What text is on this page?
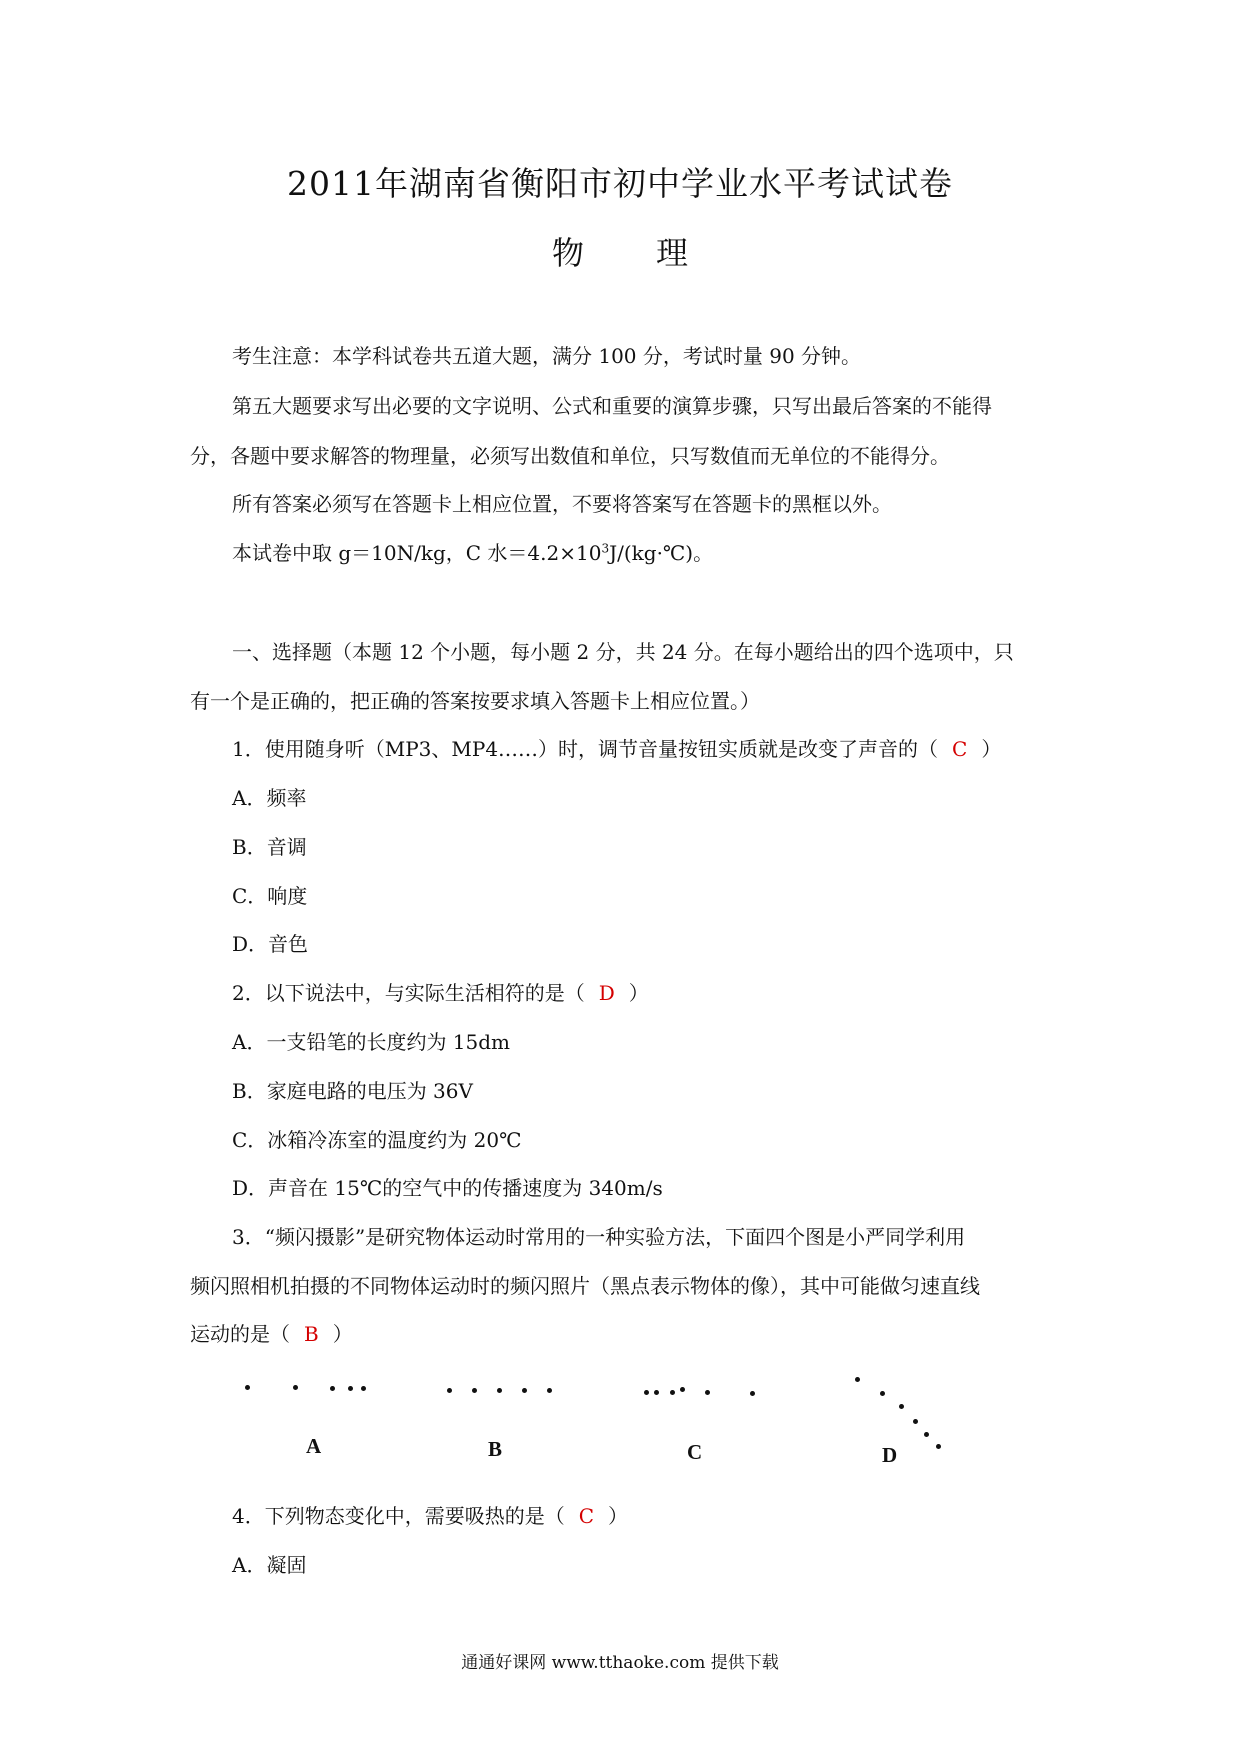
2011年湖南省衡阳市初中学业水平考试试卷
物 理
考生注意：本学科试卷共五道大题，满分 100 分，考试时量 90 分钟。
第五大题要求写出必要的文字说明、公式和重要的演算步骤，只写出最后答案的不能得
分，各题中要求解答的物理量，必须写出数值和单位，只写数值而无单位的不能得分。
所有答案必须写在答题卡上相应位置，不要将答案写在答题卡的黑框以外。
本试卷中取 g＝10N/kg，C 水$=4.2\times 10^3J/(kg\cdot℃)$。
一、选择题（本题 12 个小题，每小题 2 分，共 24 分。在每小题给出的四个选项中，只
有一个是正确的，把正确的答案按要求填入答题卡上相应位置。）
1．使用随身听（MP3、MP4……）时，调节音量按钮实质就是改变了声音的（ C ）
A．频率
B．音调
C．响度
D．音色
2．以下说法中，与实际生活相符的是（ D ）
A．一支铅笔的长度约为 15dm
B．家庭电路的电压为 36V
C．冰箱冷冻室的温度约为 20℃
D．声音在 15℃的空气中的传播速度为 340m/s
3．“频闪摄影”是研究物体运动时常用的一种实验方法，下面四个图是小严同学利用
频闪照相机拍摄的不同物体运动时的频闪照片（黑点表示物体的像），其中可能做匀速直线
运动的是（ B ）
A	B	C	D
4．下列物态变化中，需要吸热的是（ C ）
A．凝固
通通好课网 www.tthaoke.com 提供下载
